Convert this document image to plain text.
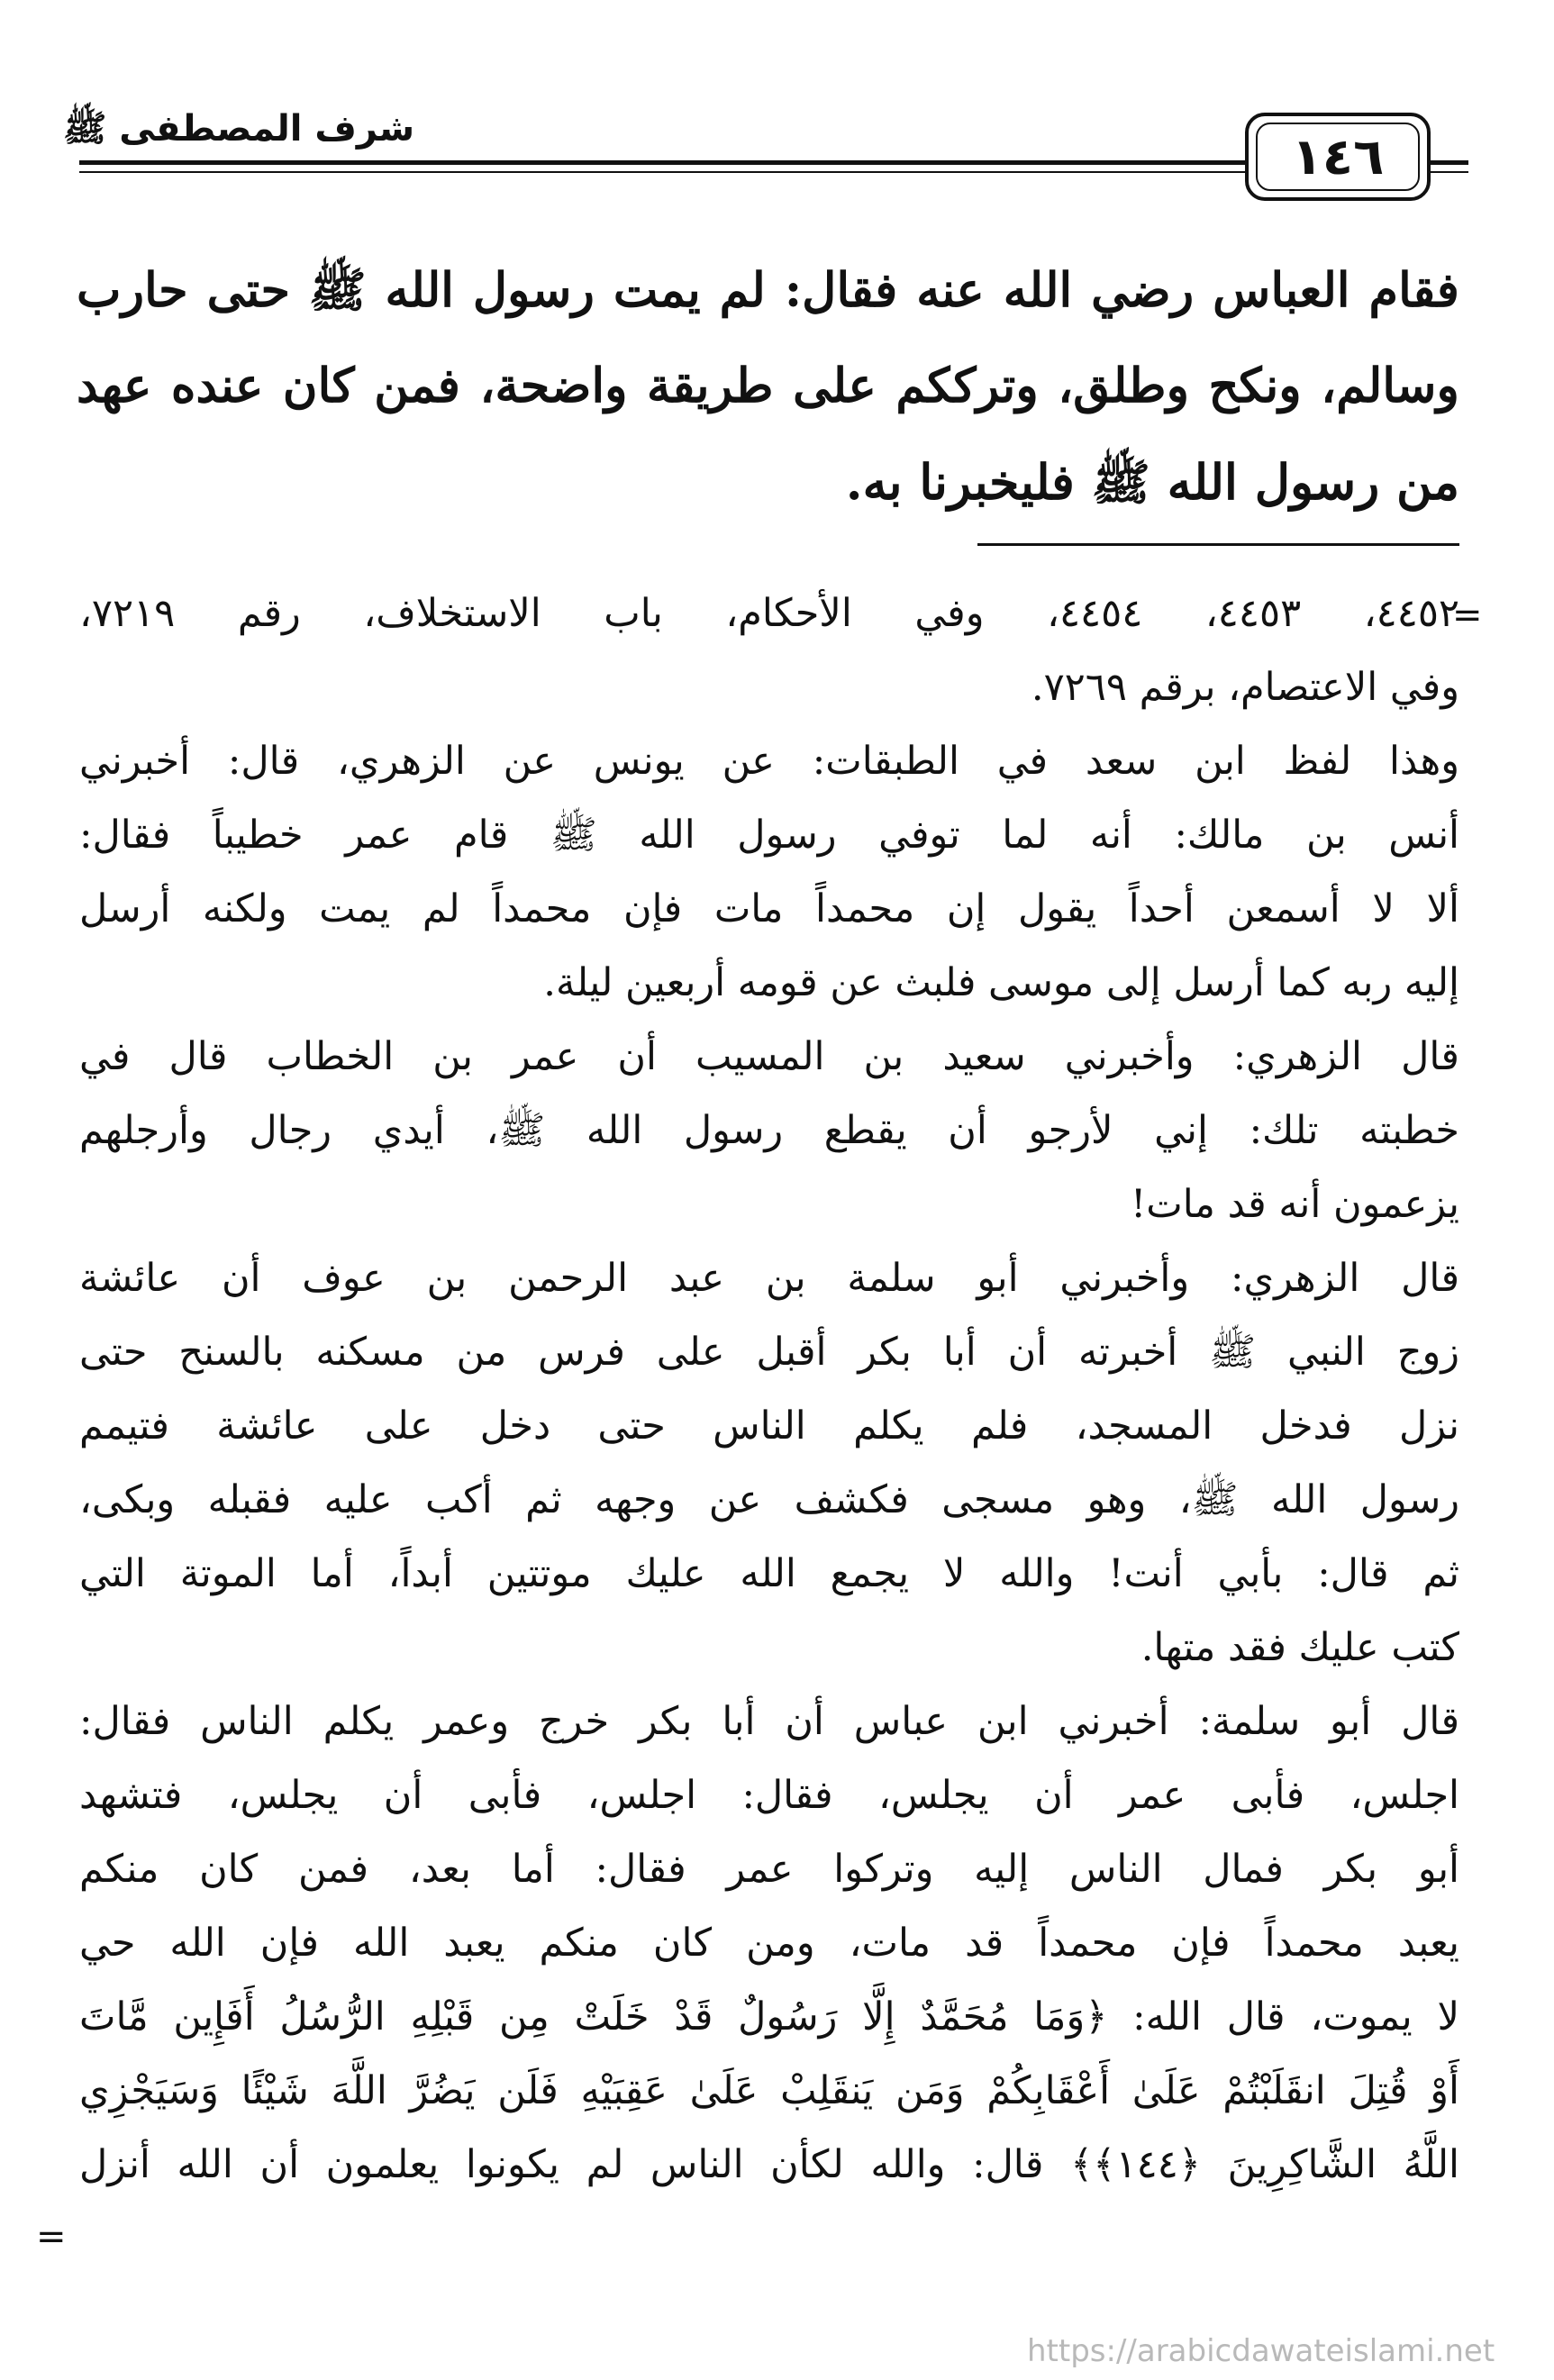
شرف المصطفى ﷺ	١٤٦
فقام العباس رضي الله عنه فقال: لم يمت رسول الله ﷺ حتى حارب
وسالم، ونكح وطلق، وترككم على طريقة واضحة، فمن كان عنده عهد
من رسول الله ﷺ فليخبرنا به.
=
٤٤٥٢، ٤٤٥٣، ٤٤٥٤، وفي الأحكام، باب الاستخلاف، رقم ٧٢١٩،
وفي الاعتصام، برقم ٧٢٦٩.
وهذا لفظ ابن سعد في الطبقات: عن يونس عن الزهري، قال: أخبرني
أنس بن مالك: أنه لما توفي رسول الله ﷺ قام عمر خطيباً فقال:
ألا لا أسمعن أحداً يقول إن محمداً مات فإن محمداً لم يمت ولكنه أرسل
إليه ربه كما أرسل إلى موسى فلبث عن قومه أربعين ليلة.
قال الزهري: وأخبرني سعيد بن المسيب أن عمر بن الخطاب قال في
خطبته تلك: إني لأرجو أن يقطع رسول الله ﷺ، أيدي رجال وأرجلهم
يزعمون أنه قد مات!
قال الزهري: وأخبرني أبو سلمة بن عبد الرحمن بن عوف أن عائشة
زوج النبي ﷺ أخبرته أن أبا بكر أقبل على فرس من مسكنه بالسنح حتى
نزل فدخل المسجد، فلم يكلم الناس حتى دخل على عائشة فتيمم
رسول الله ﷺ، وهو مسجى فكشف عن وجهه ثم أكب عليه فقبله وبكى،
ثم قال: بأبي أنت! والله لا يجمع الله عليك موتتين أبداً، أما الموتة التي
كتب عليك فقد متها.
قال أبو سلمة: أخبرني ابن عباس أن أبا بكر خرج وعمر يكلم الناس فقال:
اجلس، فأبى عمر أن يجلس، فقال: اجلس، فأبى أن يجلس، فتشهد
أبو بكر فمال الناس إليه وتركوا عمر فقال: أما بعد، فمن كان منكم
يعبد محمداً فإن محمداً قد مات، ومن كان منكم يعبد الله فإن الله حي
لا يموت، قال الله: ﴿وَمَا مُحَمَّدٌ إِلَّا رَسُولٌ قَدْ خَلَتْ مِن قَبْلِهِ الرُّسُلُ أَفَإِين مَّاتَ
أَوْ قُتِلَ انقَلَبْتُمْ عَلَىٰ أَعْقَابِكُمْ وَمَن يَنقَلِبْ عَلَىٰ عَقِبَيْهِ فَلَن يَضُرَّ اللَّهَ شَيْئًا وَسَيَجْزِي
اللَّهُ الشَّاكِرِينَ ﴿١٤٤﴾﴾ قال: والله لكأن الناس لم يكونوا يعلمون أن الله أنزل
=
https://arabicdawateislami.net
